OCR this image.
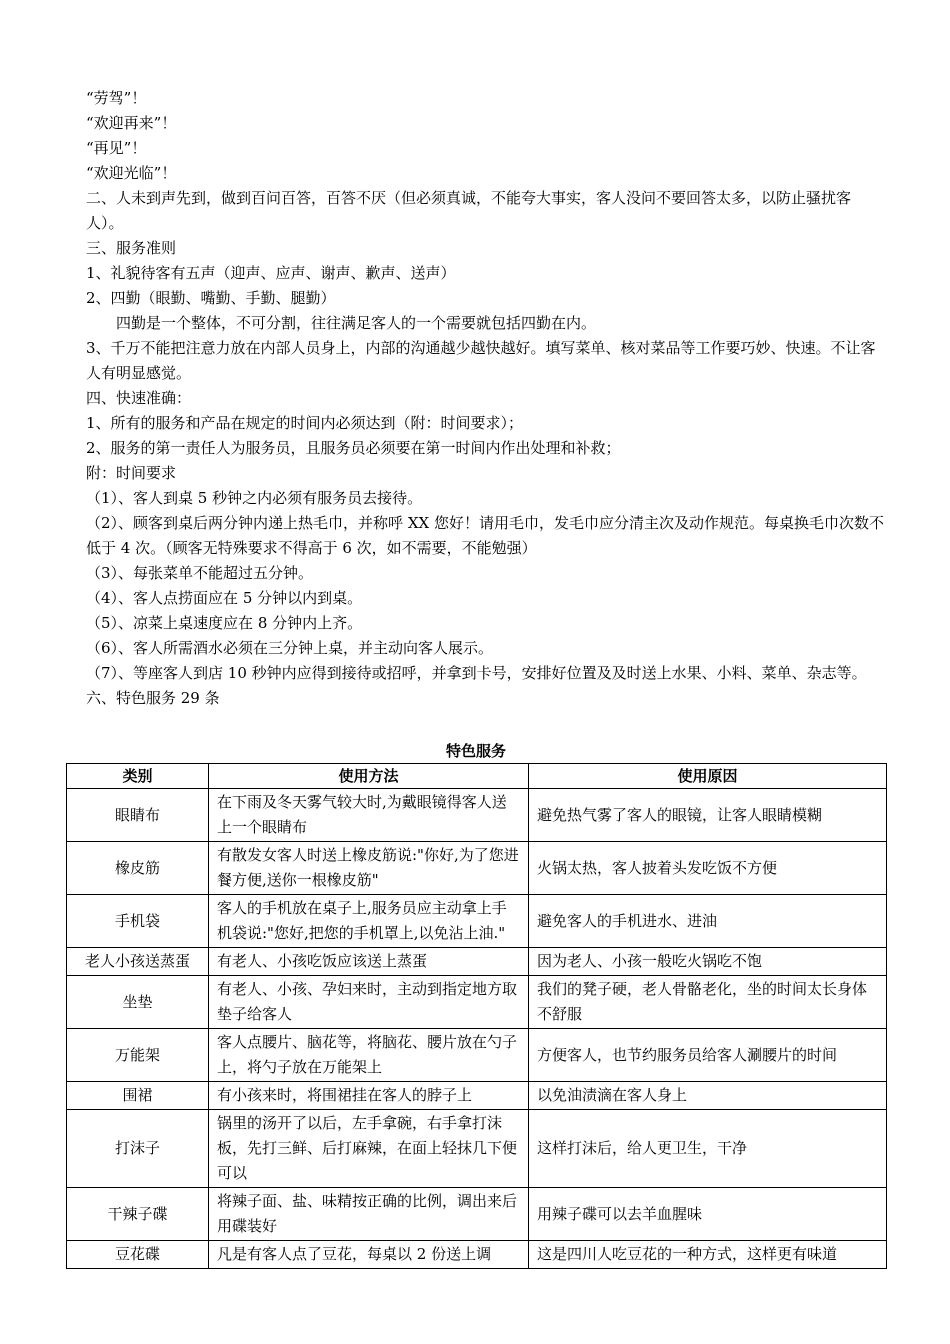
“劳驾”！

“欢迎再来”！

“再见”！

“欢迎光临”！

二、人未到声先到，做到百问百答，百答不厌（但必须真诚，不能夸大事实，客人没问不要回答太多，以防止骚扰客人）。

三、服务准则

1、礼貌待客有五声（迎声、应声、谢声、歉声、送声）

2、四勤（眼勤、嘴勤、手勤、腿勤）

四勤是一个整体，不可分割，往往满足客人的一个需要就包括四勤在内。

3、千万不能把注意力放在内部人员身上，内部的沟通越少越快越好。填写菜单、核对菜品等工作要巧妙、快速。不让客人有明显感觉。

四、快速准确：

1、所有的服务和产品在规定的时间内必须达到（附：时间要求）；

2、服务的第一责任人为服务员，且服务员必须要在第一时间内作出处理和补救；

附：时间要求

（1）、客人到桌 5 秒钟之内必须有服务员去接待。

（2）、顾客到桌后两分钟内递上热毛巾，并称呼 XX 您好！请用毛巾，发毛巾应分清主次及动作规范。每桌换毛巾次数不低于 4 次。（顾客无特殊要求不得高于 6 次，如不需要，不能勉强）

（3）、每张菜单不能超过五分钟。

（4）、客人点捞面应在 5 分钟以内到桌。

（5）、凉菜上桌速度应在 8 分钟内上齐。

（6）、客人所需酒水必须在三分钟上桌，并主动向客人展示。

（7）、等座客人到店 10 秒钟内应得到接待或招呼，并拿到卡号，安排好位置及及时送上水果、小料、菜单、杂志等。

六、特色服务 29 条

特色服务
类别	使用方法	使用原因
眼睛布	在下雨及冬天雾气较大时,为戴眼镜得客人送上一个眼睛布	避免热气雾了客人的眼镜，让客人眼睛模糊
橡皮筋	有散发女客人时送上橡皮筋说:"你好,为了您进餐方便,送你一根橡皮筋"	火锅太热，客人披着头发吃饭不方便
手机袋	客人的手机放在桌子上,服务员应主动拿上手机袋说:"您好,把您的手机罩上,以免沾上油."	避免客人的手机进水、进油
老人小孩送蒸蛋	有老人、小孩吃饭应该送上蒸蛋	因为老人、小孩一般吃火锅吃不饱
坐垫	有老人、小孩、孕妇来时，主动到指定地方取垫子给客人	我们的凳子硬，老人骨骼老化，坐的时间太长身体不舒服
万能架	客人点腰片、脑花等，将脑花、腰片放在勺子上，将勺子放在万能架上	方便客人，也节约服务员给客人涮腰片的时间
围裙	有小孩来时，将围裙挂在客人的脖子上	以免油渍滴在客人身上
打沫子	锅里的汤开了以后，左手拿碗，右手拿打沫板，先打三鲜、后打麻辣，在面上轻抹几下便可以	这样打沫后，给人更卫生，干净
干辣子碟	将辣子面、盐、味精按正确的比例，调出来后用碟装好	用辣子碟可以去羊血腥味
豆花碟	凡是有客人点了豆花，每桌以 2 份送上调	这是四川人吃豆花的一种方式，这样更有味道
